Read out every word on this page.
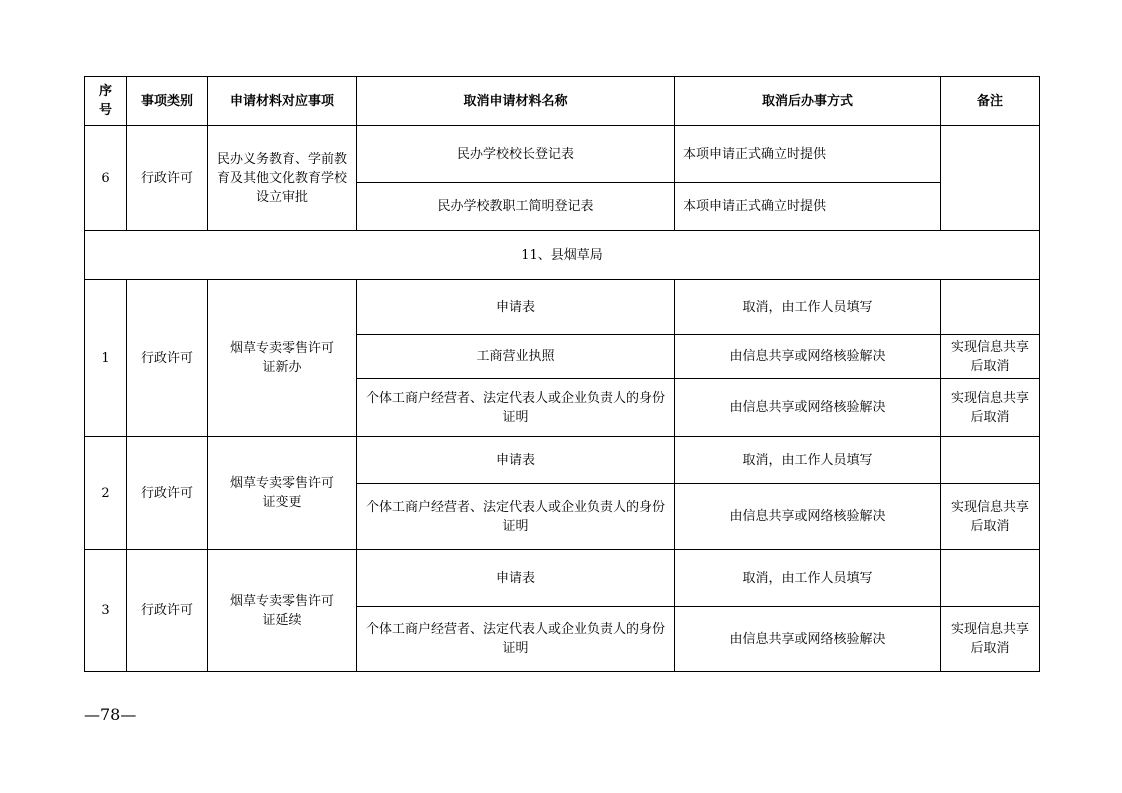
序号	事项类别	申请材料对应事项	取消申请材料名称	取消后办事方式	备注
6	行政许可	民办义务教育、学前教育及其他文化教育学校设立审批	民办学校校长登记表	本项申请正式确立时提供	
			民办学校教职工简明登记表	本项申请正式确立时提供	
11、县烟草局					
1	行政许可	烟草专卖零售许可证新办	申请表	取消，由工作人员填写	
			工商营业执照	由信息共享或网络核验解决	实现信息共享后取消
			个体工商户经营者、法定代表人或企业负责人的身份证明	由信息共享或网络核验解决	实现信息共享后取消
2	行政许可	烟草专卖零售许可证变更	申请表	取消，由工作人员填写	
			个体工商户经营者、法定代表人或企业负责人的身份证明	由信息共享或网络核验解决	实现信息共享后取消
3	行政许可	烟草专卖零售许可证延续	申请表	取消，由工作人员填写	
			个体工商户经营者、法定代表人或企业负责人的身份证明	由信息共享或网络核验解决	实现信息共享后取消
—78—
